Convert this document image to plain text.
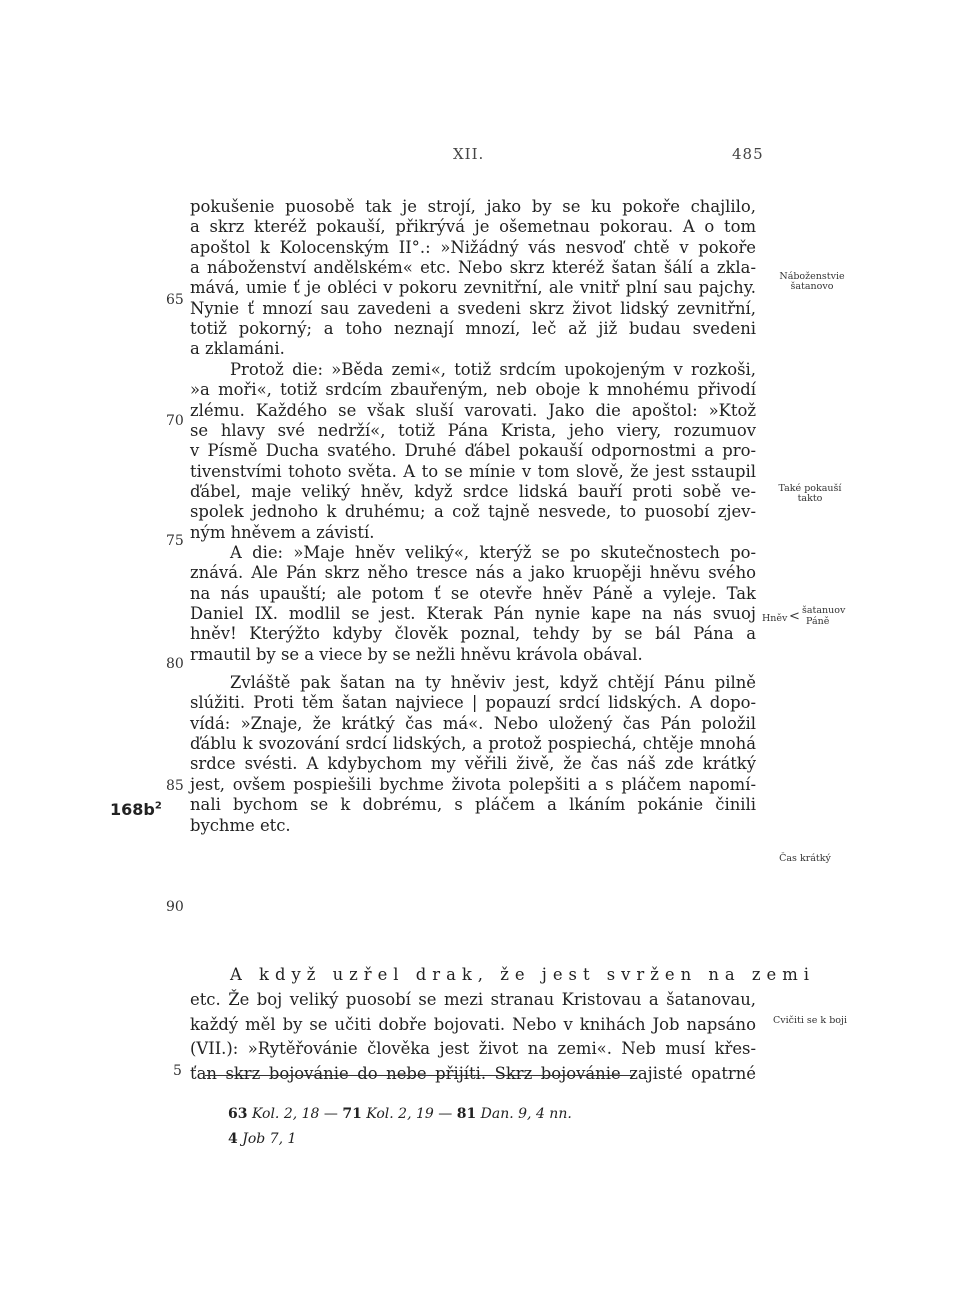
XII.	485
$168b^2$
pokušenie puosobě tak je strojí, jako by se ku pokoře chajlilo,
a skrz kteréž pokauší, přikrývá je ošemetnau pokorau. A o tom
apoštol k Kolocenským II°.: »Nižádný vás nesvoď chtě v pokoře
a náboženství andělském« etc. Nebo skrz kteréž šatan šálí a zkla-
mává, umie ť je obléci v pokoru zevnitřní, ale vnitř plní sau pajchy.
Nynie ť mnozí sau zavedeni a svedeni skrz život lidský zevnitřní,
totiž pokorný; a toho neznají mnozí, leč až již budau svedeni
a zklamáni.
Protož die: »Běda zemi«, totiž srdcím upokojeným v rozkoši,
»a moři«, totiž srdcím zbauřeným, neb oboje k mnohému přivodí
zlému. Každého se však sluší varovati. Jako die apoštol: »Ktož
se hlavy své nedrží«, totiž Pána Krista, jeho viery, rozumuov
v Písmě Ducha svatého. Druhé ďábel pokauší odpornostmi a pro-
tivenstvími tohoto světa. A to se mínie v tom slově, že jest sstaupil
ďábel, maje veliký hněv, když srdce lidská bauří proti sobě ve-
spolek jednoho k druhému; a což tajně nesvede, to puosobí zjev-
ným hněvem a závistí.
A die: »Maje hněv veliký«, kterýž se po skutečnostech po-
znává. Ale Pán skrz něho tresce nás a jako kruopěji hněvu svého
na nás upauští; ale potom ť se otevře hněv Páně a vyleje. Tak
Daniel IX. modlil se jest. Kterak Pán nynie kape na nás svuoj
hněv! Kterýžto kdyby člověk poznal, tehdy by se bál Pána a
rmautil by se a viece by se nežli hněvu krávola obával.
Zvláště pak šatan na ty hněviv jest, když chtějí Pánu pilně
slúžiti. Proti těm šatan najviece | popauzí srdcí lidských. A dopo-
vídá: »Znaje, že krátký čas má«. Nebo uložený čas Pán položil
ďáblu k svozování srdcí lidských, a protož pospiechá, chtěje mnohá
srdce svésti. A kdybychom my věřili živě, že čas náš zde krátký
jest, ovšem pospiešili bychme života polepšiti a s pláčem napomí-
nali bychom se k dobrému, s pláčem a lkáním pokánie činili
bychme etc.
A když uzřel drak, že jest svržen na zemi
etc. Že boj veliký puosobí se mezi stranau Kristovau a šatanovau,
každý měl by se učiti dobře bojovati. Nebo v knihách Job napsáno
(VII.): »Rytěřovánie člověka jest život na zemi«. Neb musí křes-
ťan skrz bojovánie do nebe přijíti. Skrz bojovánie zajisté opatrné
65
70
75
80
85
90
5
Náboženstvie šatanovo
Také pokauší takto
Hněv < šatanuov
Páně
Čas krátký
Cvičiti se k boji
63 Kol. 2, 18 — 71 Kol. 2, 19 — 81 Dan. 9, 4 nn.
4 Job 7, 1
